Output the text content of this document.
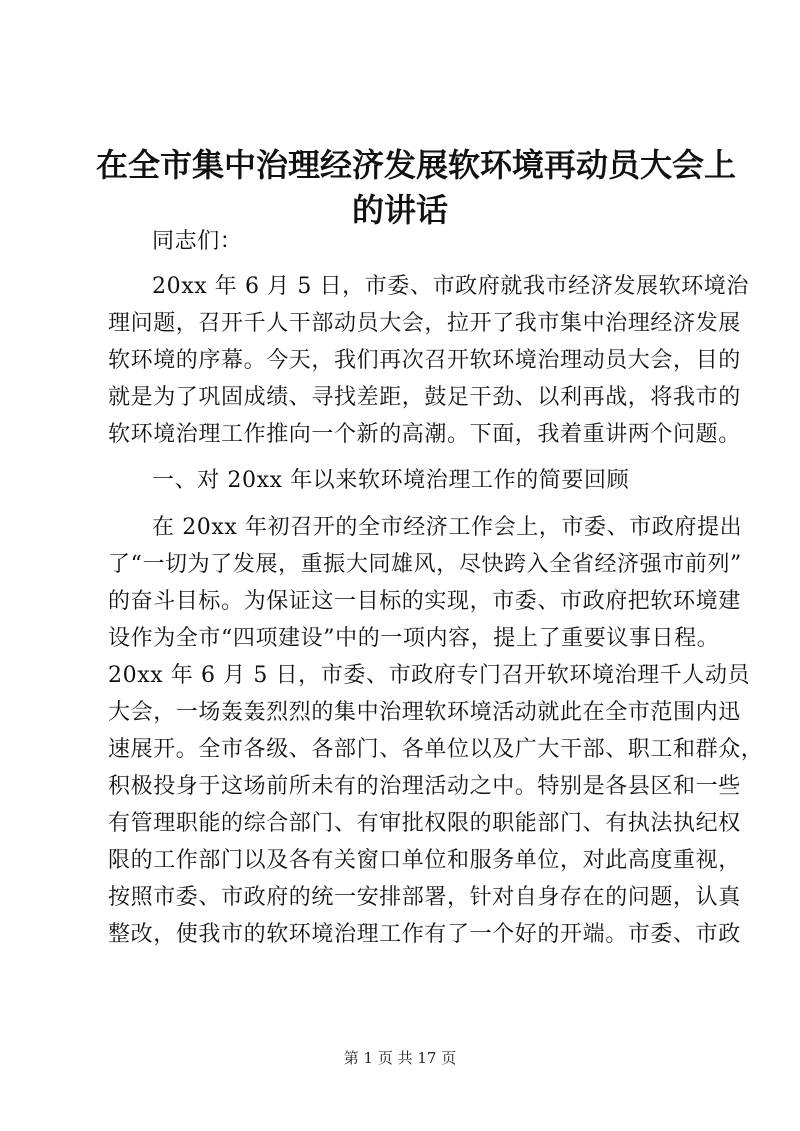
在全市集中治理经济发展软环境再动员大会上
的讲话
同志们：
20xx 年 6 月 5 日，市委、市政府就我市经济发展软环境治
理问题，召开千人干部动员大会，拉开了我市集中治理经济发展
软环境的序幕。今天，我们再次召开软环境治理动员大会，目的
就是为了巩固成绩、寻找差距，鼓足干劲、以利再战，将我市的
软环境治理工作推向一个新的高潮。下面，我着重讲两个问题。
一、对 20xx 年以来软环境治理工作的简要回顾
在 20xx 年初召开的全市经济工作会上，市委、市政府提出
了“一切为了发展，重振大同雄风，尽快跨入全省经济强市前列”
的奋斗目标。为保证这一目标的实现，市委、市政府把软环境建
设作为全市“四项建设”中的一项内容，提上了重要议事日程。
20xx 年 6 月 5 日，市委、市政府专门召开软环境治理千人动员
大会，一场轰轰烈烈的集中治理软环境活动就此在全市范围内迅
速展开。全市各级、各部门、各单位以及广大干部、职工和群众，
积极投身于这场前所未有的治理活动之中。特别是各县区和一些
有管理职能的综合部门、有审批权限的职能部门、有执法执纪权
限的工作部门以及各有关窗口单位和服务单位，对此高度重视，
按照市委、市政府的统一安排部署，针对自身存在的问题，认真
整改，使我市的软环境治理工作有了一个好的开端。市委、市政
第 1 页 共 17 页
